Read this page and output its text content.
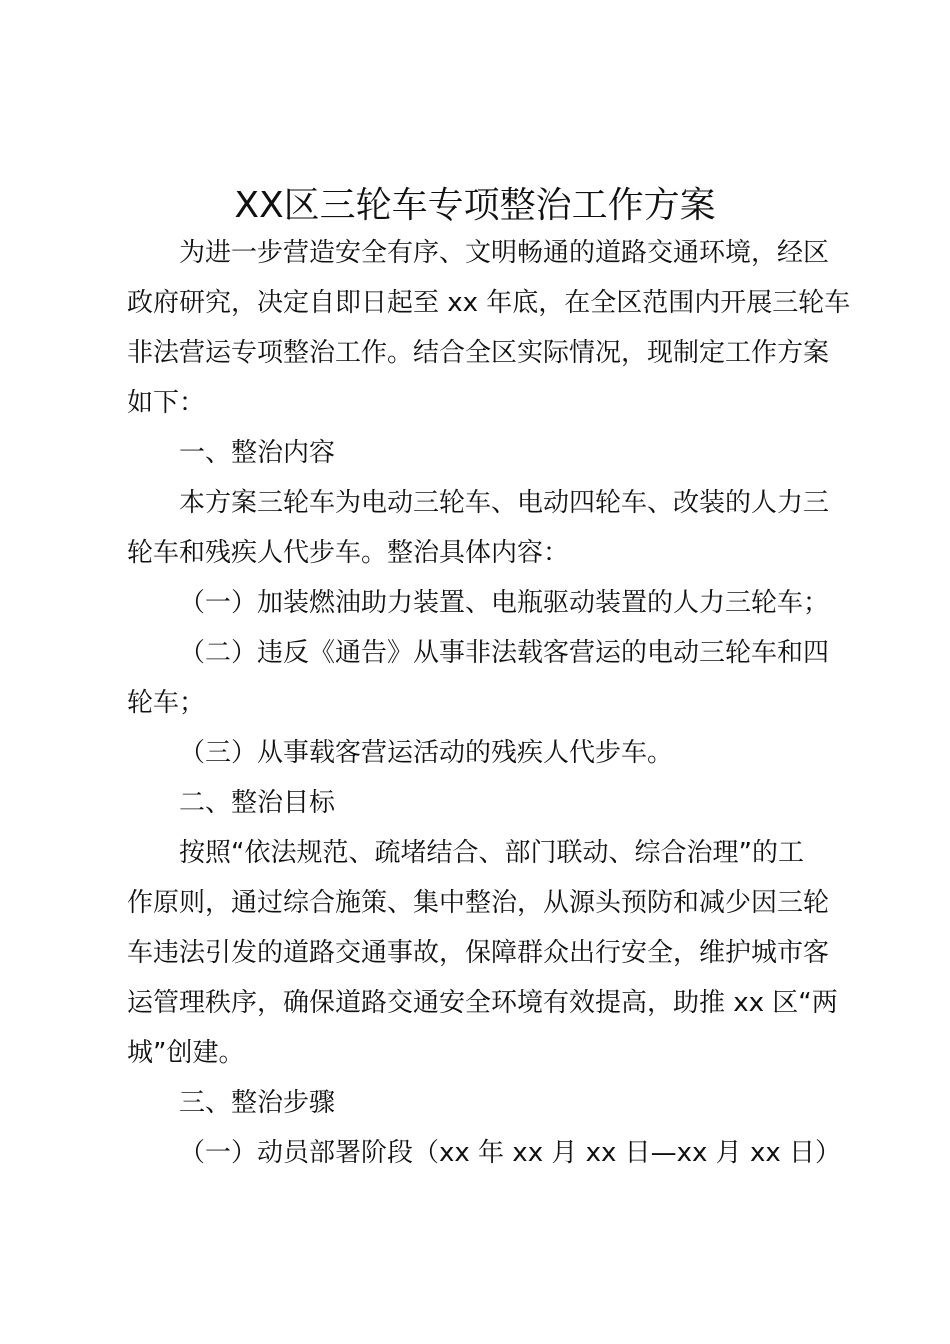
XX区三轮车专项整治工作方案

为进一步营造安全有序、文明畅通的道路交通环境，经区
政府研究，决定自即日起至 xx 年底，在全区范围内开展三轮车
非法营运专项整治工作。结合全区实际情况，现制定工作方案
如下：

一、整治内容

本方案三轮车为电动三轮车、电动四轮车、改装的人力三
轮车和残疾人代步车。整治具体内容：

（一）加装燃油助力装置、电瓶驱动装置的人力三轮车；

（二）违反《通告》从事非法载客营运的电动三轮车和四
轮车；

（三）从事载客营运活动的残疾人代步车。

二、整治目标

按照“依法规范、疏堵结合、部门联动、综合治理”的工
作原则，通过综合施策、集中整治，从源头预防和减少因三轮
车违法引发的道路交通事故，保障群众出行安全，维护城市客
运管理秩序，确保道路交通安全环境有效提高，助推 xx 区“两
城”创建。

三、整治步骤

（一）动员部署阶段（xx 年 xx 月 xx 日—xx 月 xx 日）
